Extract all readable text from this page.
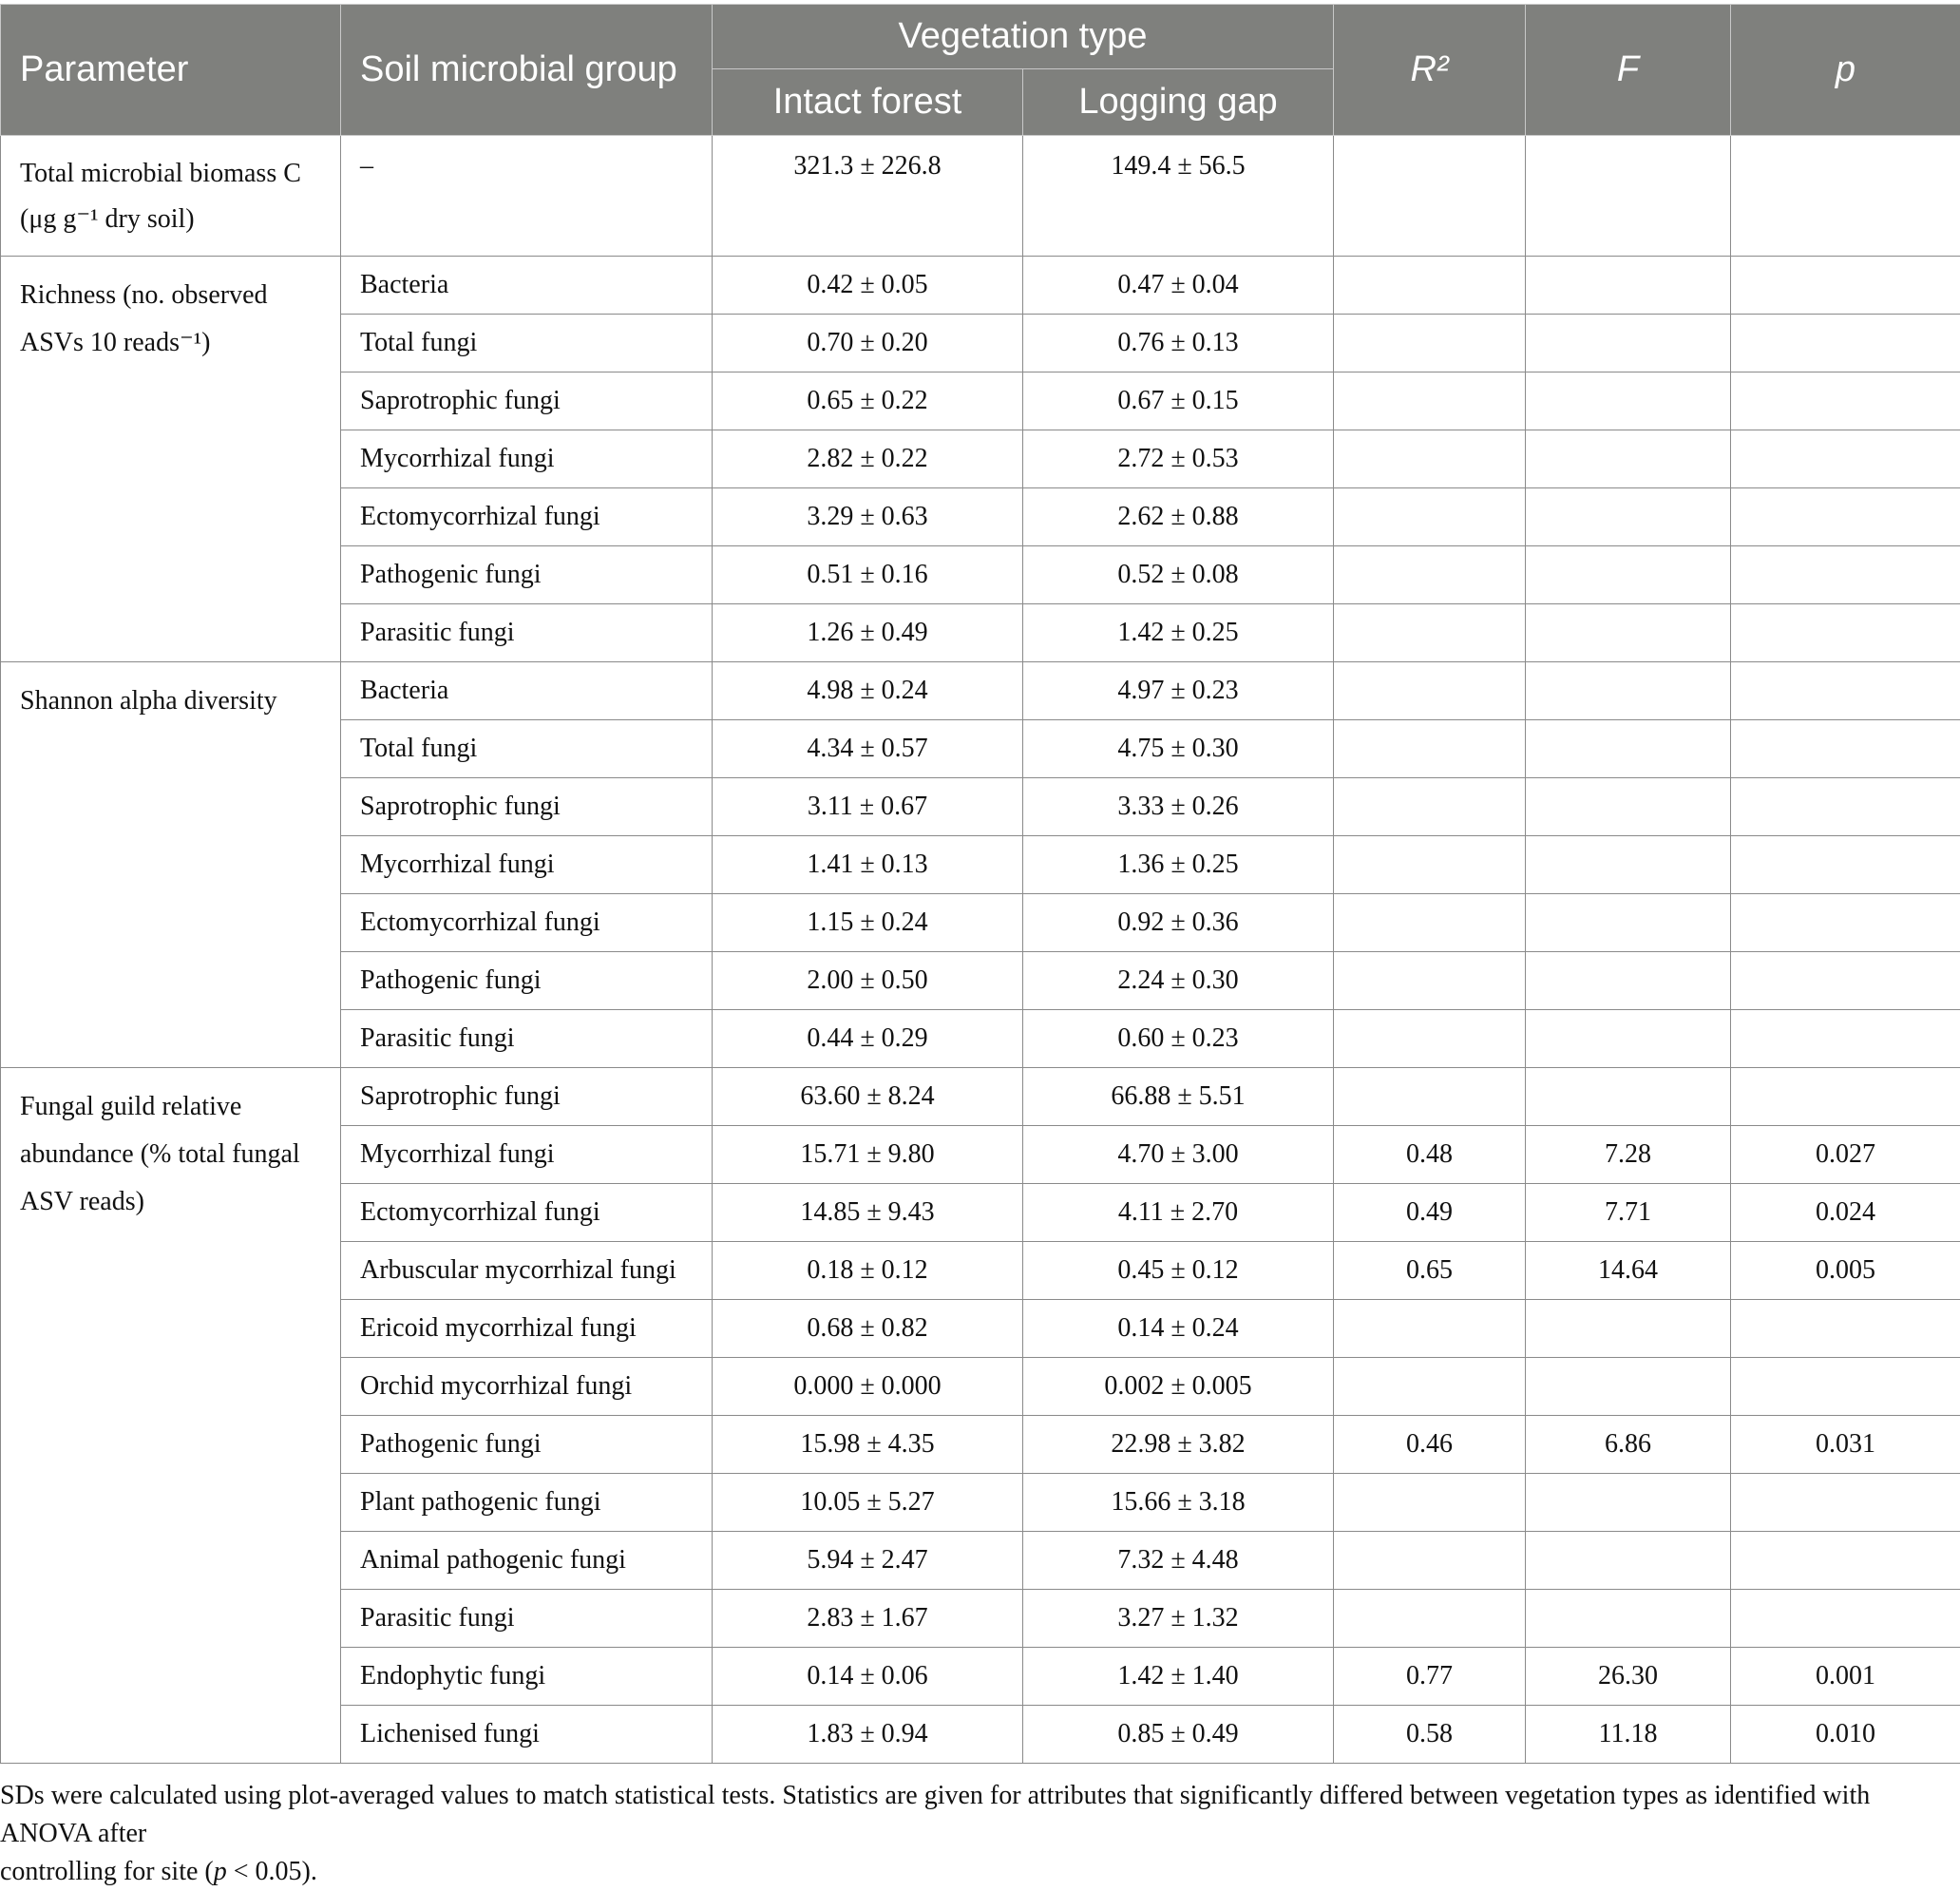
Parameter	Soil microbial group	Vegetation type		R²	F	p
		Intact forest	Logging gap			
Total microbial biomass C
(μg g⁻¹ dry soil)	–	321.3 ± 226.8	149.4 ± 56.5			
Richness (no. observed
ASVs 10 reads⁻¹)	Bacteria	0.42 ± 0.05	0.47 ± 0.04			
	Total fungi	0.70 ± 0.20	0.76 ± 0.13			
	Saprotrophic fungi	0.65 ± 0.22	0.67 ± 0.15			
	Mycorrhizal fungi	2.82 ± 0.22	2.72 ± 0.53			
	Ectomycorrhizal fungi	3.29 ± 0.63	2.62 ± 0.88			
	Pathogenic fungi	0.51 ± 0.16	0.52 ± 0.08			
	Parasitic fungi	1.26 ± 0.49	1.42 ± 0.25			
Shannon alpha diversity	Bacteria	4.98 ± 0.24	4.97 ± 0.23			
	Total fungi	4.34 ± 0.57	4.75 ± 0.30			
	Saprotrophic fungi	3.11 ± 0.67	3.33 ± 0.26			
	Mycorrhizal fungi	1.41 ± 0.13	1.36 ± 0.25			
	Ectomycorrhizal fungi	1.15 ± 0.24	0.92 ± 0.36			
	Pathogenic fungi	2.00 ± 0.50	2.24 ± 0.30			
	Parasitic fungi	0.44 ± 0.29	0.60 ± 0.23			
Fungal guild relative
abundance (% total fungal
ASV reads)	Saprotrophic fungi	63.60 ± 8.24	66.88 ± 5.51			
	Mycorrhizal fungi	15.71 ± 9.80	4.70 ± 3.00	0.48	7.28	0.027
	Ectomycorrhizal fungi	14.85 ± 9.43	4.11 ± 2.70	0.49	7.71	0.024
	Arbuscular mycorrhizal fungi	0.18 ± 0.12	0.45 ± 0.12	0.65	14.64	0.005
	Ericoid mycorrhizal fungi	0.68 ± 0.82	0.14 ± 0.24			
	Orchid mycorrhizal fungi	0.000 ± 0.000	0.002 ± 0.005			
	Pathogenic fungi	15.98 ± 4.35	22.98 ± 3.82	0.46	6.86	0.031
	Plant pathogenic fungi	10.05 ± 5.27	15.66 ± 3.18			
	Animal pathogenic fungi	5.94 ± 2.47	7.32 ± 4.48			
	Parasitic fungi	2.83 ± 1.67	3.27 ± 1.32			
	Endophytic fungi	0.14 ± 0.06	1.42 ± 1.40	0.77	26.30	0.001
	Lichenised fungi	1.83 ± 0.94	0.85 ± 0.49	0.58	11.18	0.010
SDs were calculated using plot-averaged values to match statistical tests. Statistics are given for attributes that significantly differed between vegetation types as identified with ANOVA after
controlling for site (p < 0.05).
